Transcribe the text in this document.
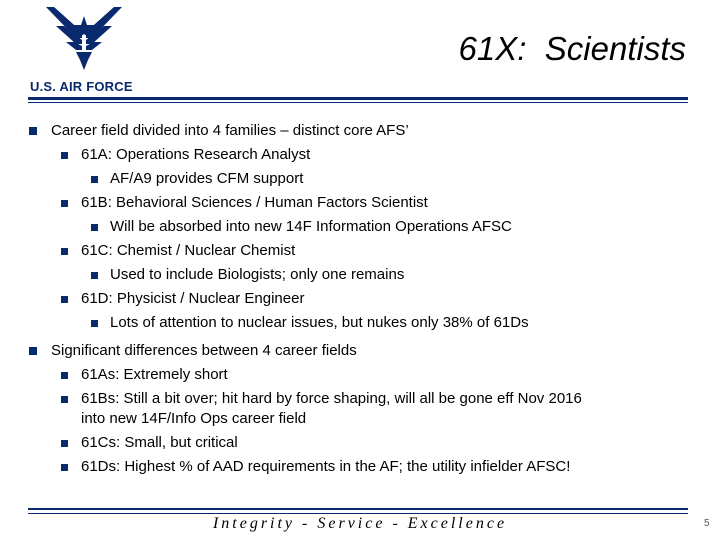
U.S. AIR FORCE
61X:  Scientists
Career field divided into 4 families – distinct core AFS’
61A: Operations Research Analyst
AF/A9 provides CFM support
61B: Behavioral Sciences / Human Factors Scientist
Will be absorbed into new 14F Information Operations AFSC
61C: Chemist / Nuclear Chemist
Used to include Biologists; only one remains
61D: Physicist / Nuclear Engineer
Lots of attention to nuclear issues, but nukes only 38% of 61Ds
Significant differences between 4 career fields
61As: Extremely short
61Bs: Still a bit over; hit hard by force shaping, will all be gone eff Nov 2016
into new 14F/Info Ops career field
61Cs: Small, but critical
61Ds: Highest % of AAD requirements in the AF; the utility infielder AFSC!
Integrity - Service - Excellence	5
